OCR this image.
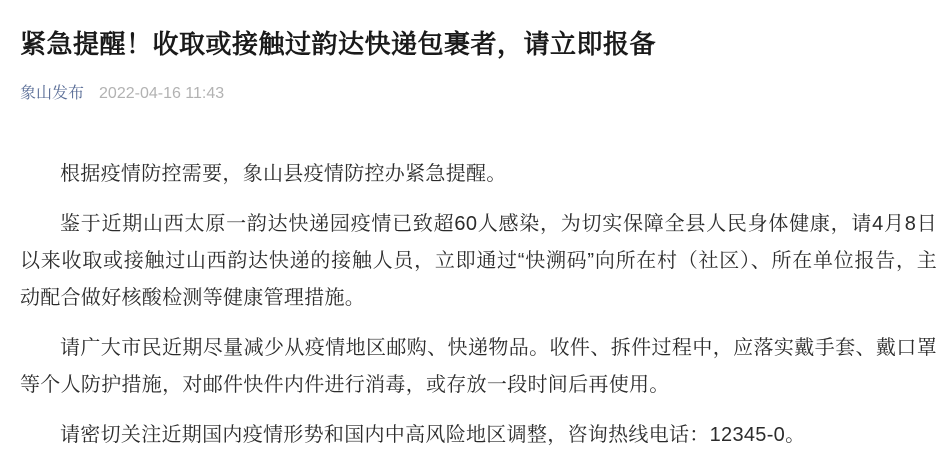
紧急提醒！收取或接触过韵达快递包裹者，请立即报备
象山发布 2022-04-16 11:43

根据疫情防控需要，象山县疫情防控办紧急提醒。

鉴于近期山西太原一韵达快递园疫情已致超60人感染，为切实保障全县人民身体健康，请4月8日以来收取或接触过山西韵达快递的接触人员，立即通过“快溯码”向所在村（社区）、所在单位报告，主动配合做好核酸检测等健康管理措施。

请广大市民近期尽量减少从疫情地区邮购、快递物品。收件、拆件过程中，应落实戴手套、戴口罩等个人防护措施，对邮件快件内件进行消毒，或存放一段时间后再使用。

请密切关注近期国内疫情形势和国内中高风险地区调整，咨询热线电话：12345-0。
